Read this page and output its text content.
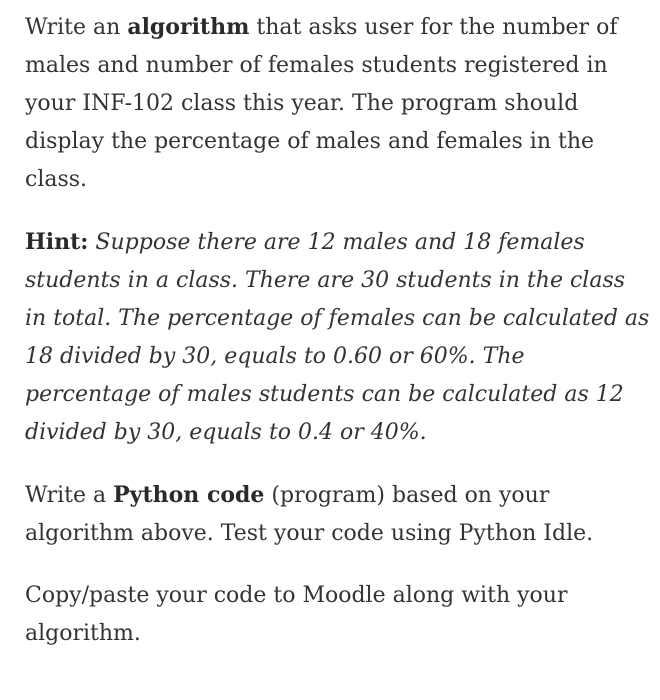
Write an algorithm that asks user for the number of
males and number of females students registered in
your INF-102 class this year. The program should
display the percentage of males and females in the
class.

Hint: Suppose there are 12 males and 18 females
students in a class. There are 30 students in the class
in total. The percentage of females can be calculated as
18 divided by 30, equals to 0.60 or 60%. The
percentage of males students can be calculated as 12
divided by 30, equals to 0.4 or 40%.

Write a Python code (program) based on your
algorithm above. Test your code using Python Idle.

Copy/paste your code to Moodle along with your
algorithm.
